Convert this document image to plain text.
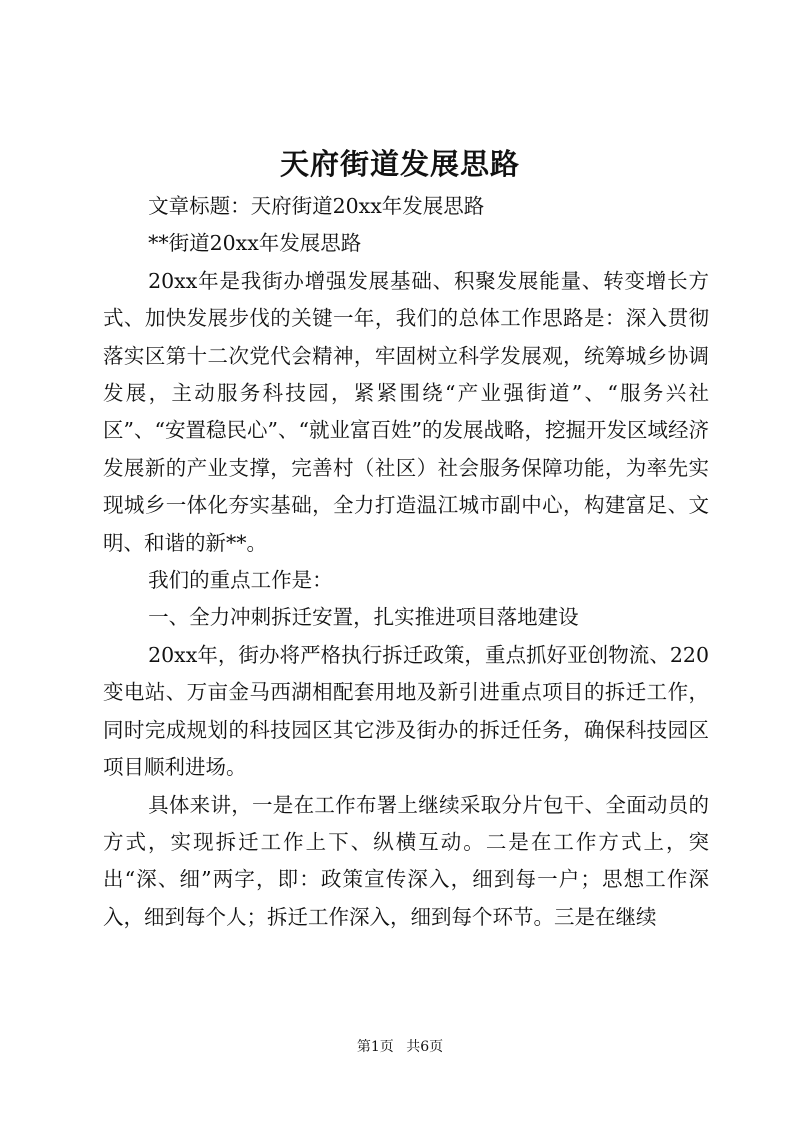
天府街道发展思路

文章标题：天府街道20xx年发展思路

**街道20xx年发展思路

20xx年是我街办增强发展基础、积聚发展能量、转变增长方式、加快发展步伐的关键一年，我们的总体工作思路是：深入贯彻落实区第十二次党代会精神，牢固树立科学发展观，统筹城乡协调发展，主动服务科技园，紧紧围绕“产业强街道”、“服务兴社区”、“安置稳民心”、“就业富百姓”的发展战略，挖掘开发区域经济发展新的产业支撑，完善村（社区）社会服务保障功能，为率先实现城乡一体化夯实基础，全力打造温江城市副中心，构建富足、文明、和谐的新**。

我们的重点工作是：

一、全力冲刺拆迁安置，扎实推进项目落地建设

20xx年，街办将严格执行拆迁政策，重点抓好亚创物流、220变电站、万亩金马西湖相配套用地及新引进重点项目的拆迁工作，同时完成规划的科技园区其它涉及街办的拆迁任务，确保科技园区项目顺利进场。

具体来讲，一是在工作布署上继续采取分片包干、全面动员的方式，实现拆迁工作上下、纵横互动。二是在工作方式上，突出“深、细”两字，即：政策宣传深入，细到每一户；思想工作深入，细到每个人；拆迁工作深入，细到每个环节。三是在继续

第1页 共6页
